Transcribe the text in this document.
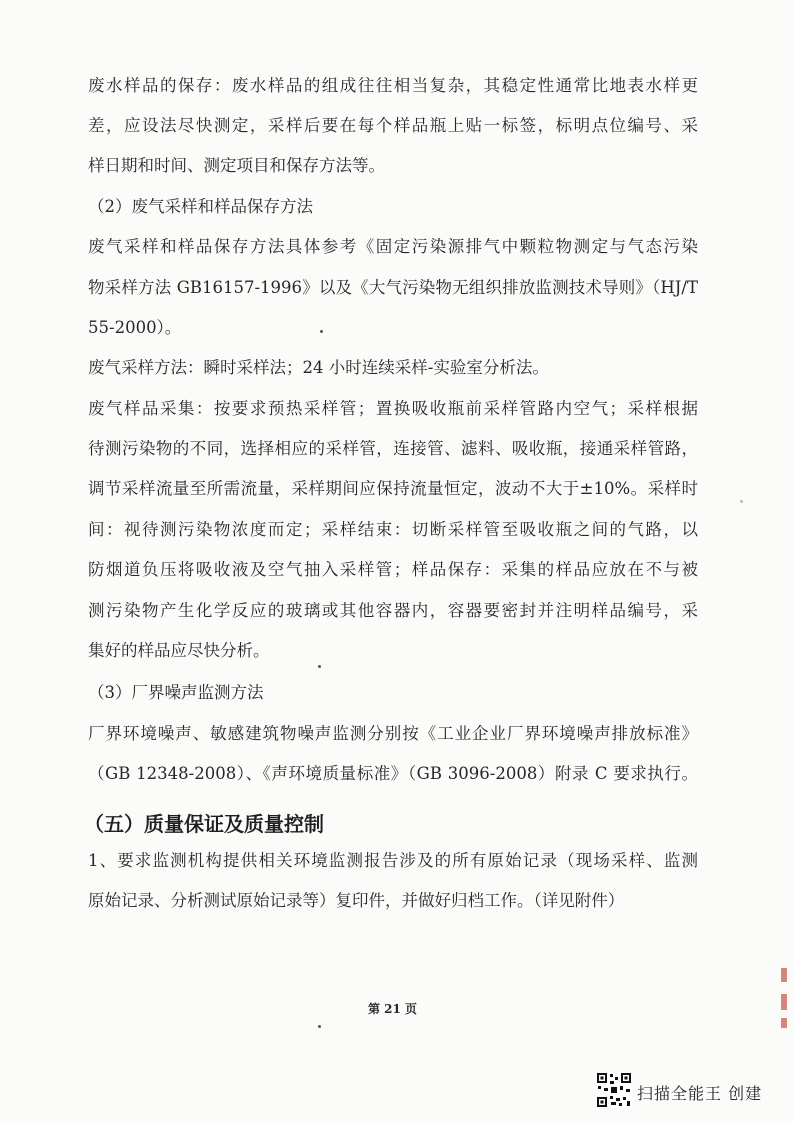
废水样品的保存：废水样品的组成往往相当复杂，其稳定性通常比地表水样更
差，应设法尽快测定，采样后要在每个样品瓶上贴一标签，标明点位编号、采
样日期和时间、测定项目和保存方法等。
（2）废气采样和样品保存方法
废气采样和样品保存方法具体参考《固定污染源排气中颗粒物测定与气态污染
物采样方法 GB16157-1996》以及《大气污染物无组织排放监测技术导则》（HJ/T
55-2000）。
废气采样方法：瞬时采样法；24 小时连续采样-实验室分析法。
废气样品采集：按要求预热采样管；置换吸收瓶前采样管路内空气；采样根据
待测污染物的不同，选择相应的采样管，连接管、滤料、吸收瓶，接通采样管路，
调节采样流量至所需流量，采样期间应保持流量恒定，波动不大于±10%。采样时
间：视待测污染物浓度而定；采样结束：切断采样管至吸收瓶之间的气路，以
防烟道负压将吸收液及空气抽入采样管；样品保存：采集的样品应放在不与被
测污染物产生化学反应的玻璃或其他容器内，容器要密封并注明样品编号，采
集好的样品应尽快分析。
（3）厂界噪声监测方法
厂界环境噪声、敏感建筑物噪声监测分别按《工业企业厂界环境噪声排放标准》
（GB 12348-2008）、《声环境质量标准》（GB 3096-2008）附录 C 要求执行。
（五）质量保证及质量控制
1、要求监测机构提供相关环境监测报告涉及的所有原始记录（现场采样、监测
原始记录、分析测试原始记录等）复印件，并做好归档工作。（详见附件）
第 21 页
扫描全能王 创建
